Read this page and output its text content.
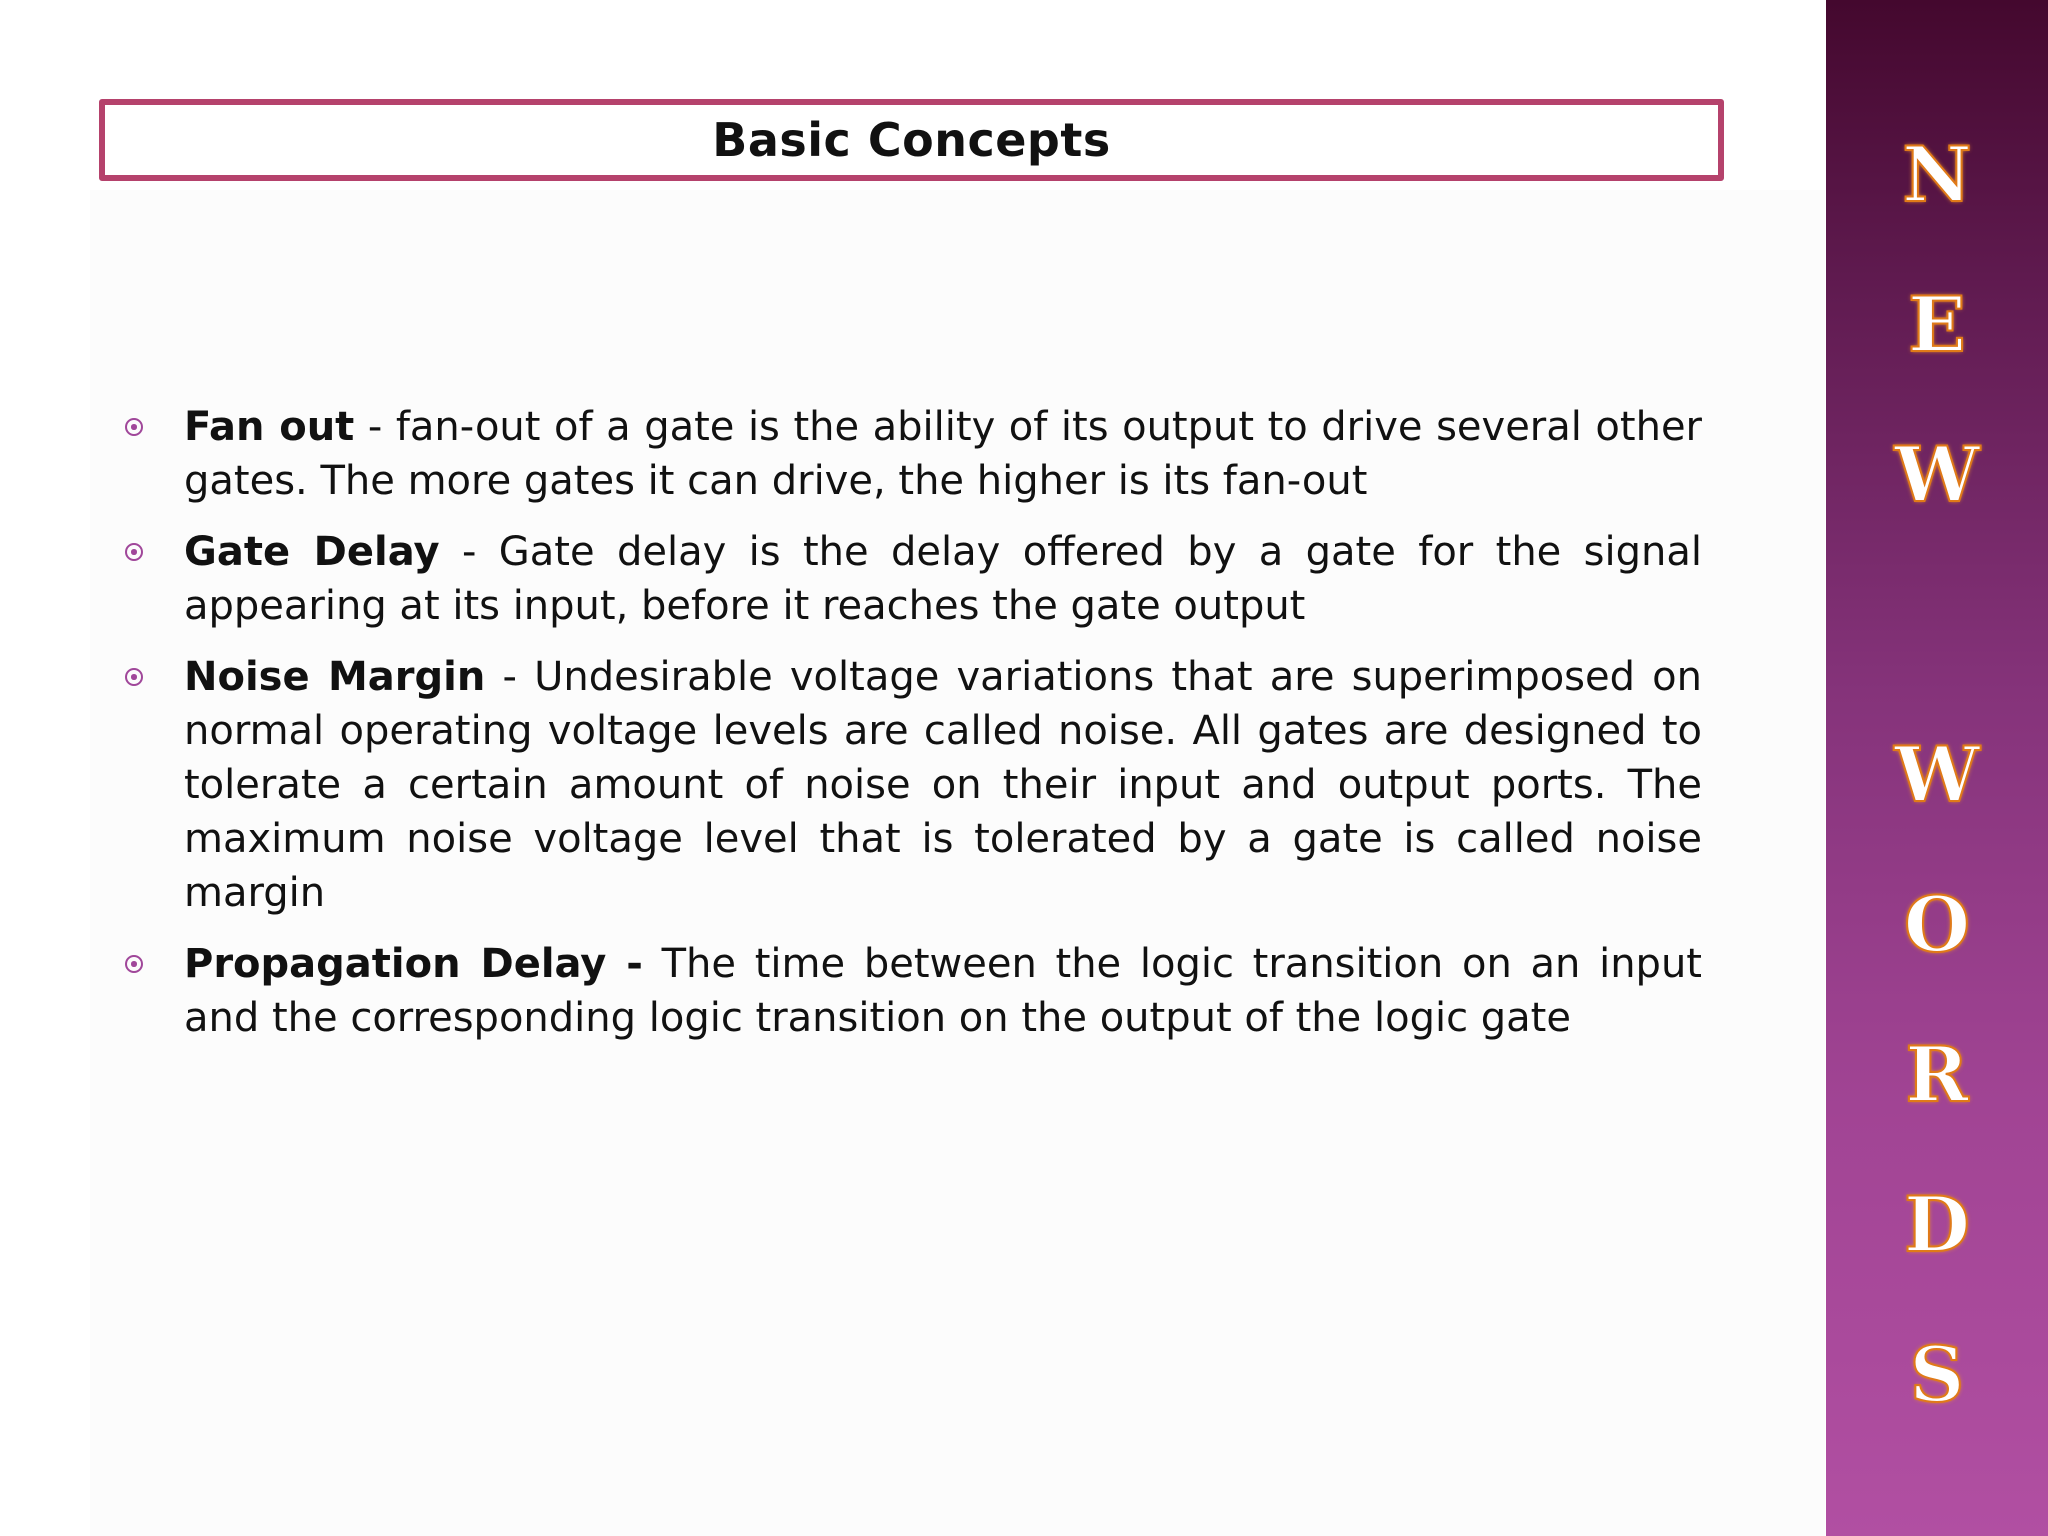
Basic Concepts
Fan out - fan-out of a gate is the ability of its output to drive several other gates. The more gates it can drive, the higher is its fan-out
Gate Delay - Gate delay is the delay offered by a gate for the signal appearing at its input, before it reaches the gate output
Noise Margin - Undesirable voltage variations that are superimposed on normal operating voltage levels are called noise. All gates are designed to tolerate a certain amount of noise on their input and output ports. The maximum noise voltage level that is tolerated by a gate is called noise margin
Propagation Delay - The time between the logic transition on an input and the corresponding logic transition on the output of the logic gate
N
E
W
W
O
R
D
S
